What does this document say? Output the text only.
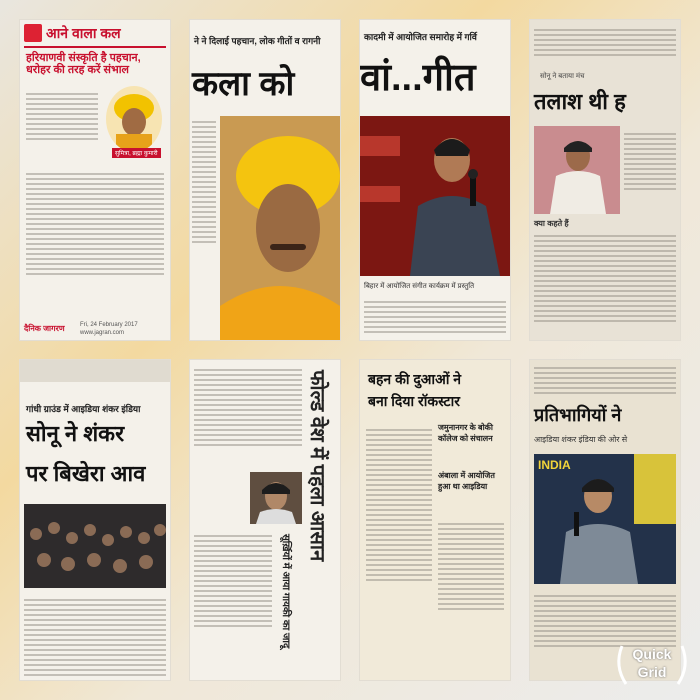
आने वाला कल
हरियाणवी संस्कृति है पहचान, धरोहर की तरह करें संभाल
सुमित्रा, ब्रह्मा कुमारी
दैनिक जागरण	Fri, 24 February 2017
www.jagran.com
ने ने दिलाई पहचान, लोक गीतों व रागनी
कला को
कादमी में आयोजित समारोह में गर्वि
वां...गीत
बिहार में आयोजित संगीत कार्यक्रम में प्रस्तुति
सोनू ने बताया मंच
तलाश थी ह
क्या कहते हैं
गांधी ग्राउंड में आइडिया शंकर इंडिया
सोनू ने शंकर
पर बिखेरा आव	फोल्ड वेश में पहला आसान
सूर्ख़ियों में आया गायकी का जादू
बहन की दुआओं ने
बना दिया रॉकस्टार
जमुनानगर के बोकी कॉलेज को संचालन
अंबाला में आयोजित हुआ था आइडिया
प्रतिभागियों ने
आइडिया शंकर इंडिया की ओर से
INDIA
Quick
Grid
